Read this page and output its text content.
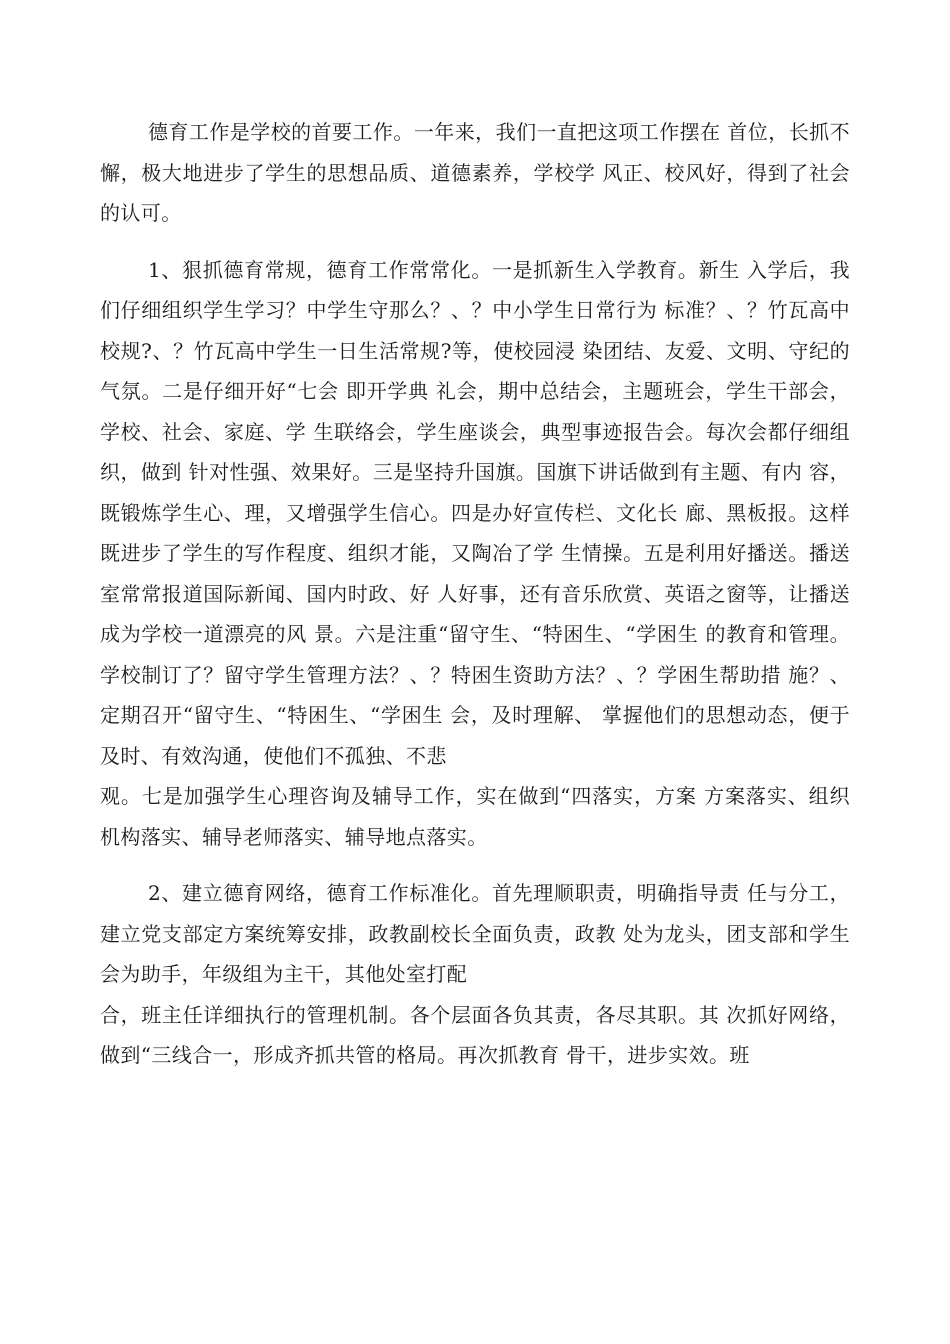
德育工作是学校的首要工作。一年来，我们一直把这项工作摆在 首位，长抓不懈，极大地进步了学生的思想品质、道德素养，学校学 风正、校风好，得到了社会的认可。

1、狠抓德育常规，德育工作常常化。一是抓新生入学教育。新生 入学后，我们仔细组织学生学习？中学生守那么？、？中小学生日常行为 标准？、？竹瓦高中校规?、？竹瓦高中学生一日生活常规?等，使校园浸 染团结、友爱、文明、守纪的气氛。二是仔细开好“七会 即开学典 礼会，期中总结会，主题班会，学生干部会，学校、社会、家庭、学 生联络会，学生座谈会，典型事迹报告会。每次会都仔细组织，做到 针对性强、效果好。三是坚持升国旗。国旗下讲话做到有主题、有内 容，既锻炼学生心、理，又增强学生信心。四是办好宣传栏、文化长 廊、黑板报。这样既进步了学生的写作程度、组织才能，又陶冶了学 生情操。五是利用好播送。播送室常常报道国际新闻、国内时政、好 人好事，还有音乐欣赏、英语之窗等，让播送成为学校一道漂亮的风 景。六是注重“留守生、“特困生、“学困生 的教育和管理。 学校制订了？留守学生管理方法？、？特困生资助方法？、？学困生帮助措 施？、定期召开“留守生、“特困生、“学困生 会，及时理解、 掌握他们的思想动态，便于及时、有效沟通，使他们不孤独、不悲

观。七是加强学生心理咨询及辅导工作，实在做到“四落实，方案 方案落实、组织机构落实、辅导老师落实、辅导地点落实。

2、建立德育网络，德育工作标准化。首先理顺职责，明确指导责 任与分工，建立党支部定方案统筹安排，政教副校长全面负责，政教 处为龙头，团支部和学生会为助手，年级组为主干，其他处室打配

合，班主任详细执行的管理机制。各个层面各负其责，各尽其职。其 次抓好网络，做到“三线合一，形成齐抓共管的格局。再次抓教育 骨干，进步实效。班
